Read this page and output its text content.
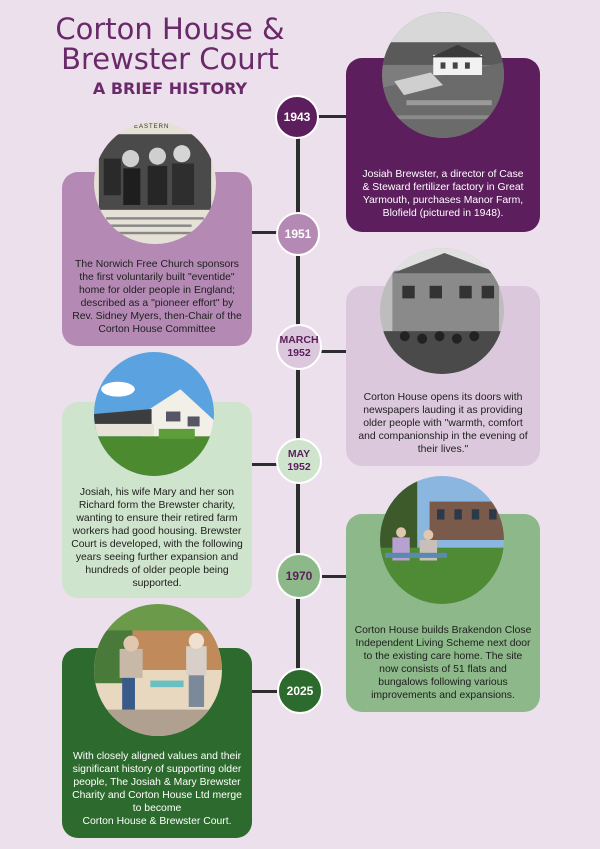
Corton House &
Brewster Court
A BRIEF HISTORY
Josiah Brewster, a director of Case & Steward fertilizer factory in Great Yarmouth, purchases Manor Farm, Blofield (pictured in 1948).
1943
The Norwich Free Church sponsors the first voluntarily built "eventide" home for older people in England; described as a "pioneer effort" by Rev. Sidney Myers, then-Chair of the Corton House Committee
EASTERN
1951
Corton House opens its doors with newspapers lauding it as providing older people with "warmth, comfort and companionship in the evening of their lives."
MARCH
1952
Josiah, his wife Mary and her son Richard form the Brewster charity, wanting to ensure their retired farm workers had good housing. Brewster Court is developed, with the following years seeing further expansion and hundreds of older people being supported.
MAY
1952
Corton House builds Brakendon Close Independent Living Scheme next door to the existing care home. The site now consists of 51 flats and bungalows following various improvements and expansions.
1970
With closely aligned values and their significant history of supporting older people, The Josiah & Mary Brewster Charity and Corton House Ltd merge to become
Corton House & Brewster Court.
2025
